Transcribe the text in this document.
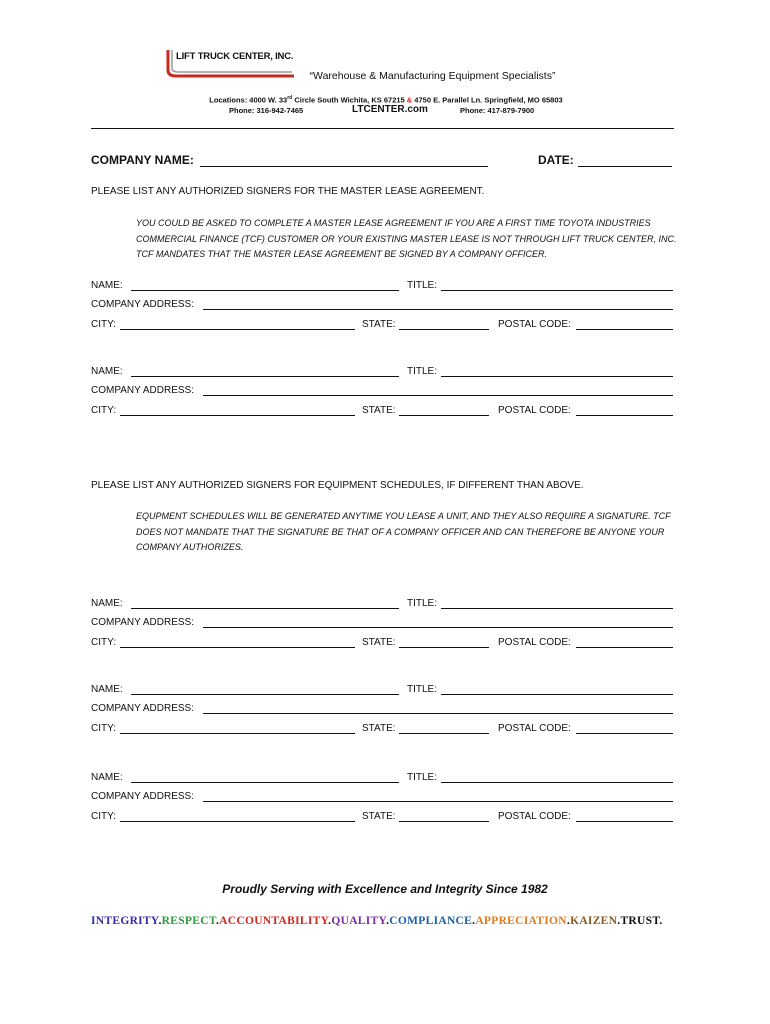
LIFT TRUCK CENTER, INC.
“Warehouse & Manufacturing Equipment Specialists”
Locations: 4000 W. 33rd Circle South Wichita, KS 67215 & 4750 E. Parallel Ln. Springfield, MO 65803
Phone: 316-942-7465	LTCENTER.com	Phone: 417-879-7900
COMPANY NAME:	DATE:
PLEASE LIST ANY AUTHORIZED SIGNERS FOR THE MASTER LEASE AGREEMENT.
YOU COULD BE ASKED TO COMPLETE A MASTER LEASE AGREEMENT IF YOU ARE A FIRST TIME TOYOTA INDUSTRIES COMMERCIAL FINANCE (TCF) CUSTOMER OR YOUR EXISTING MASTER LEASE IS NOT THROUGH LIFT TRUCK CENTER, INC. TCF MANDATES THAT THE MASTER LEASE AGREEMENT BE SIGNED BY A COMPANY OFFICER.
NAME:	TITLE:
COMPANY ADDRESS:
CITY:	STATE:	POSTAL CODE:
NAME:	TITLE:
COMPANY ADDRESS:
CITY:	STATE:	POSTAL CODE:
NAME:	TITLE:
COMPANY ADDRESS:
CITY:	STATE:	POSTAL CODE:
NAME:	TITLE:
COMPANY ADDRESS:
CITY:	STATE:	POSTAL CODE:
NAME:	TITLE:
COMPANY ADDRESS:
CITY:	STATE:	POSTAL CODE:
PLEASE LIST ANY AUTHORIZED SIGNERS FOR EQUIPMENT SCHEDULES, IF DIFFERENT THAN ABOVE.
EQUPMENT SCHEDULES WILL BE GENERATED ANYTIME YOU LEASE A UNIT, AND THEY ALSO REQUIRE A SIGNATURE. TCF DOES NOT MANDATE THAT THE SIGNATURE BE THAT OF A COMPANY OFFICER AND CAN THEREFORE BE ANYONE YOUR COMPANY AUTHORIZES.
Proudly Serving with Excellence and Integrity Since 1982
INTEGRITY.RESPECT.ACCOUNTABILITY.QUALITY.COMPLIANCE.APPRECIATION.KAIZEN.TRUST.
